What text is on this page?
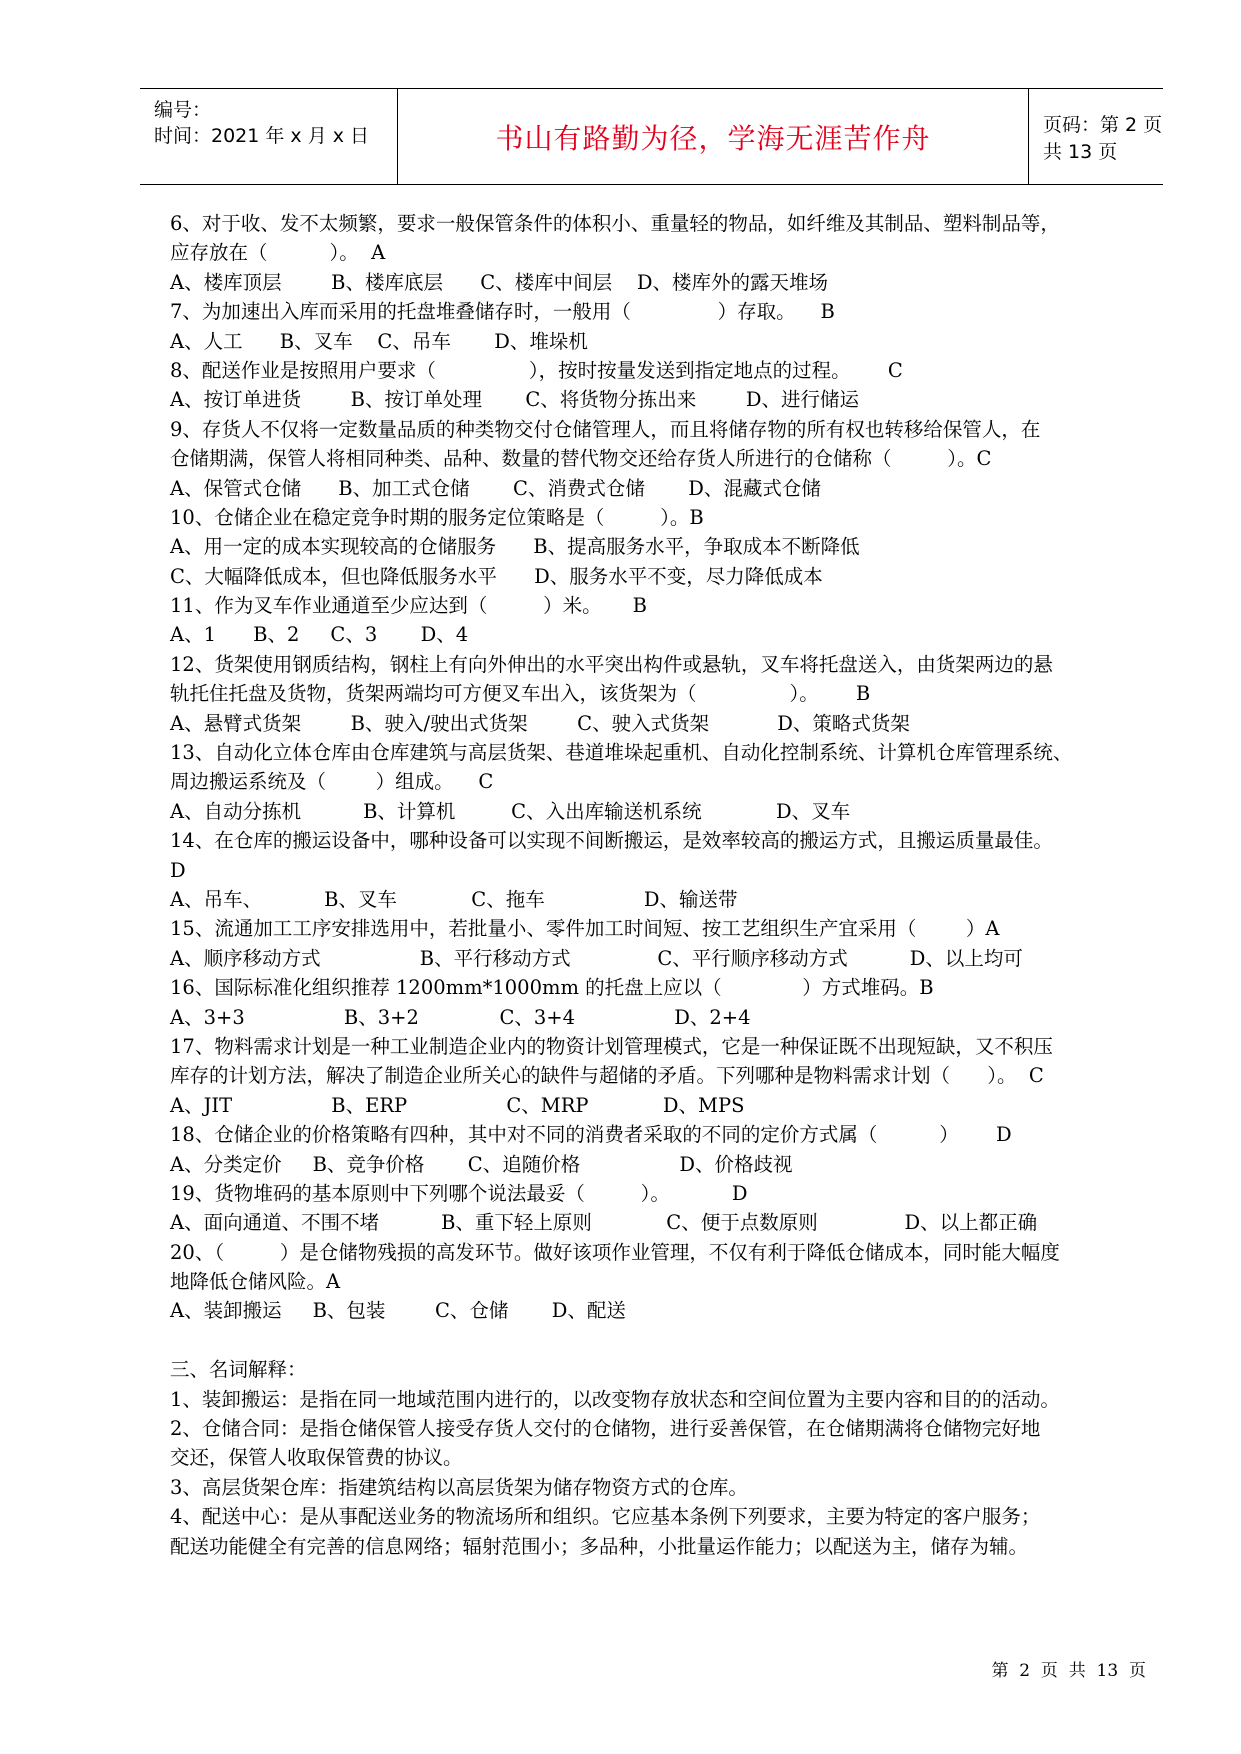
编号：
时间：2021 年 x 月 x 日	书山有路勤为径，学海无涯苦作舟	页码：第 2 页 共 13 页
6、对于收、发不太频繁，要求一般保管条件的体积小、重量轻的物品，如纤维及其制品、塑料制品等，
应存放在（          ）。  A
A、楼库顶层        B、楼库底层      C、楼库中间层    D、楼库外的露天堆场
7、为加速出入库而采用的托盘堆叠储存时，一般用（              ）存取。    B
A、人工      B、叉车    C、吊车       D、堆垛机
8、配送作业是按照用户要求（               ），按时按量发送到指定地点的过程。      C
A、按订单进货        B、按订单处理       C、将货物分拣出来        D、进行储运
9、存货人不仅将一定数量品质的种类物交付仓储管理人，而且将储存物的所有权也转移给保管人，在
仓储期满，保管人将相同种类、品种、数量的替代物交还给存货人所进行的仓储称（         ）。C
A、保管式仓储      B、加工式仓储       C、消费式仓储       D、混藏式仓储
10、仓储企业在稳定竞争时期的服务定位策略是（         ）。B
A、用一定的成本实现较高的仓储服务      B、提高服务水平，争取成本不断降低
C、大幅降低成本，但也降低服务水平      D、服务水平不变，尽力降低成本
11、作为叉车作业通道至少应达到（         ）米。     B
A、1      B、2     C、3       D、4
12、货架使用钢质结构，钢柱上有向外伸出的水平突出构件或悬轨，叉车将托盘送入，由货架两边的悬
轨托住托盘及货物，货架两端均可方便叉车出入，该货架为（               ）。      B
A、悬臂式货架        B、驶入/驶出式货架        C、驶入式货架           D、策略式货架
13、自动化立体仓库由仓库建筑与高层货架、巷道堆垛起重机、自动化控制系统、计算机仓库管理系统、
周边搬运系统及（        ）组成。    C
A、自动分拣机          B、计算机         C、入出库输送机系统            D、叉车
14、在仓库的搬运设备中，哪种设备可以实现不间断搬运，是效率较高的搬运方式，且搬运质量最佳。
D
A、吊车、          B、叉车            C、拖车                D、输送带
15、流通加工工序安排选用中，若批量小、零件加工时间短、按工艺组织生产宜采用（        ）A
A、顺序移动方式                B、平行移动方式              C、平行顺序移动方式          D、以上均可
16、国际标准化组织推荐 1200mm*1000mm 的托盘上应以（             ）方式堆码。B
A、3+3                B、3+2             C、3+4                D、2+4
17、物料需求计划是一种工业制造企业内的物资计划管理模式，它是一种保证既不出现短缺，又不积压
库存的计划方法，解决了制造企业所关心的缺件与超储的矛盾。下列哪种是物料需求计划（      ）。  C
A、JIT                B、ERP                C、MRP            D、MPS
18、仓储企业的价格策略有四种，其中对不同的消费者采取的不同的定价方式属（          ）      D
A、分类定价     B、竞争价格       C、追随价格                D、价格歧视
19、货物堆码的基本原则中下列哪个说法最妥（         ）。          D
A、面向通道、不围不堵          B、重下轻上原则            C、便于点数原则              D、以上都正确
20、（         ）是仓储物残损的高发环节。做好该项作业管理，不仅有利于降低仓储成本，同时能大幅度
地降低仓储风险。A
A、装卸搬运     B、包装        C、仓储       D、配送
三、名词解释：
1、装卸搬运：是指在同一地域范围内进行的，以改变物存放状态和空间位置为主要内容和目的的活动。
2、仓储合同：是指仓储保管人接受存货人交付的仓储物，进行妥善保管，在仓储期满将仓储物完好地
交还，保管人收取保管费的协议。
3、高层货架仓库：指建筑结构以高层货架为储存物资方式的仓库。
4、配送中心：是从事配送业务的物流场所和组织。它应基本条例下列要求，主要为特定的客户服务；
配送功能健全有完善的信息网络；辐射范围小；多品种，小批量运作能力；以配送为主，储存为辅。
第  2  页  共  13  页
